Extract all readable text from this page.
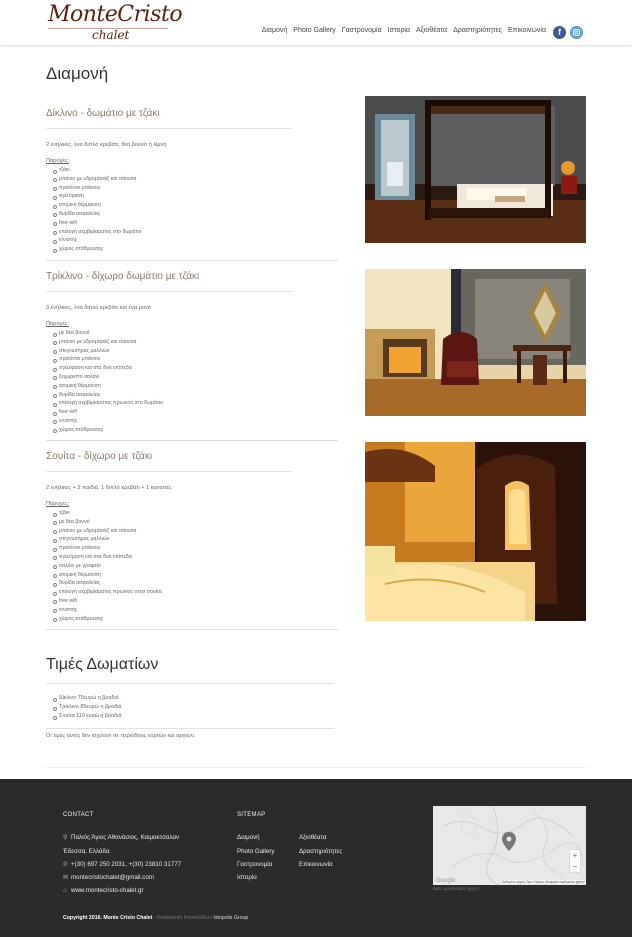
MonteCristo
chalet	Διαμονή Photo Gallery Γαστρονομία Ιστορία Αξιοθέατα Δραστηριότητες Επικοινωνία	f
Διαμονή
Δίκλινο - δωμάτιο με τζάκι
2 ενήλικες, ένα διπλό κρεβάτι, θέα βουνό ή λίμνη
Παροχές:
τζάκι
μπάνιο με υδρομασάζ και σάουνα
προϊόντα μπάνιου
τηλεόραση
ατομική θέρμανση
θυρίδα ασφαλείας
free wifi
επιλογή σερβιρίσματος στο δωμάτιο
ιονιστής
χώρος στάθμευσης
Τρίκλινο - δίχωρο δωμάτιο με τζάκι
3 ενήλικες, ένα διπλό κρεβάτι και ένα μονό
Παροχές:
με θέα βουνό
μπάνιο με υδρομασάζ και σάουνα
στεγνωτήρας μαλλιών
προϊόντα μπάνιου
τηλεόραση και στα δυο επίπεδα
ξεχωριστό σαλόνι
ατομική θέρμανση
θυρίδα ασφαλείας
επιλογή σερβιρίσματος πρωινού στο δωμάτιο
free wifi
ιονιστής
χώρος στάθμευσης
Σουίτα - δίχωρο με τζάκι
2 ενήλικες + 2 παιδιά, 1 διπλό κρεβάτι + 1 καναπές
Παροχές:
τζάκι
με θέα βουνό
μπάνιο με υδρομασάζ και σάουνα
στεγνωτήρας μαλλιών
προϊόντα μπάνιου
τηλεόραση και στα δυο επίπεδα
σαλόνι με γραφείο
ατομική θέρμανση
θυρίδα ασφαλείας
επιλογή σερβιρίσματος πρωινού στην σουίτα
free wifi
ιονιστής
χώρος στάθμευσης
Τιμές Δωματίων
Δίκλινο 75ευρώ η βραδιά
Τρίκλινο 85ευρώ η βραδιά
Σουίτα 110 ευρώ η βραδιά
Οι τιμές αυτές δεν ισχύουν σε περιόδους εορτών και αργιών.
CONTACT
⚲ Παλιός Άγιος Αθανάσιος, Καιμακτσαλαν
Έδεσσα, Ελλάδα
✆ +(30) 697 250 2031, +(30) 23810 31777
✉ montecristochalet@gmail.com
⌂ www.montecristo-chalet.gr
SITEMAP
Διαμονή
Photo Gallery
Γαστρονομία
Ιστορία
Αξιοθέατα
Δραστηριότητες
Επικοινωνία
+
−
Google	Δεδομένα χάρτη Όροι Χρήσης Αναφορά σφάλματος χάρτη
Δείτε μεγαλύτερο χάρτη
Copyright 2016. Monte Cristo Chalet - Κατασκευή Ιστοσελίδων Istopolis Group
